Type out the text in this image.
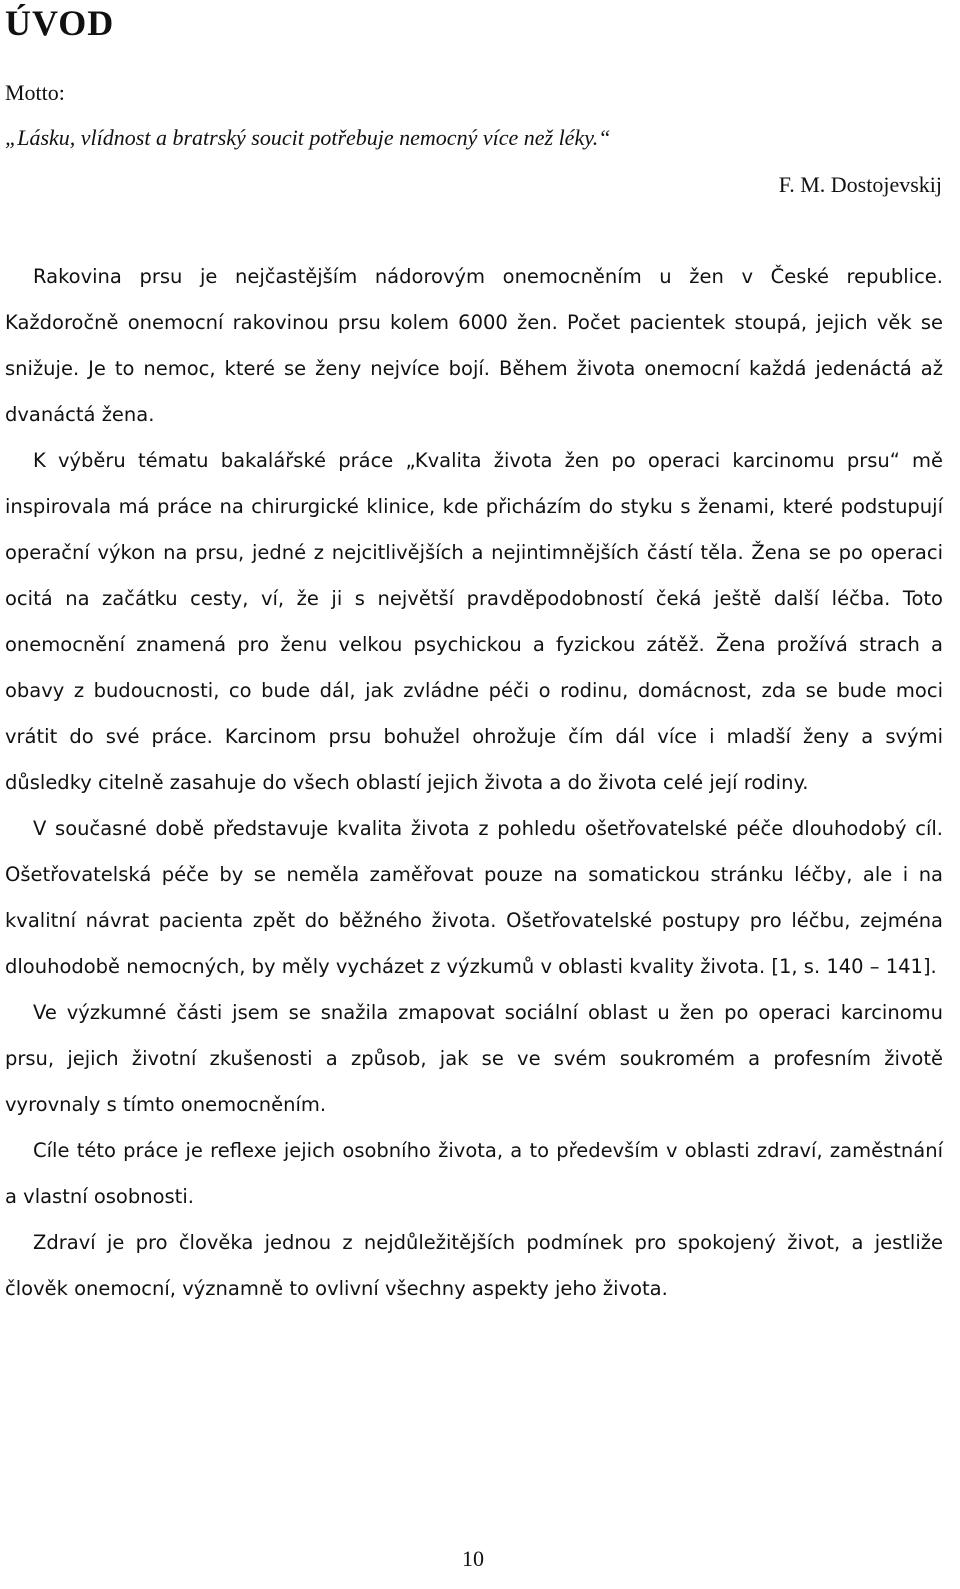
ÚVOD
Motto:
„Lásku, vlídnost a bratrský soucit potřebuje nemocný více než léky.“
F. M. Dostojevskij

Rakovina prsu je nejčastějším nádorovým onemocněním u žen v České republice. Každoročně onemocní rakovinou prsu kolem 6000 žen. Počet pacientek stoupá, jejich věk se snižuje. Je to nemoc, které se ženy nejvíce bojí. Během života onemocní každá jedenáctá až dvanáctá žena.

K výběru tématu bakalářské práce „Kvalita života žen po operaci karcinomu prsu“ mě inspirovala má práce na chirurgické klinice, kde přicházím do styku s ženami, které podstupují operační výkon na prsu, jedné z nejcitlivějších a nejintimnějších částí těla. Žena se po operaci ocitá na začátku cesty, ví, že ji s největší pravděpodobností čeká ještě další léčba. Toto onemocnění znamená pro ženu velkou psychickou a fyzickou zátěž. Žena prožívá strach a obavy z budoucnosti, co bude dál, jak zvládne péči o rodinu, domácnost, zda se bude moci vrátit do své práce. Karcinom prsu bohužel ohrožuje čím dál více i mladší ženy a svými důsledky citelně zasahuje do všech oblastí jejich života a do života celé její rodiny.

V současné době představuje kvalita života z pohledu ošetřovatelské péče dlouhodobý cíl. Ošetřovatelská péče by se neměla zaměřovat pouze na somatickou stránku léčby, ale i na kvalitní návrat pacienta zpět do běžného života. Ošetřovatelské postupy pro léčbu, zejména dlouhodobě nemocných, by měly vycházet z výzkumů v oblasti kvality života. [1, s. 140 – 141].

Ve výzkumné části jsem se snažila zmapovat sociální oblast u žen po operaci karcinomu prsu, jejich životní zkušenosti a způsob, jak se ve svém soukromém a profesním životě vyrovnaly s tímto onemocněním.

Cíle této práce je reflexe jejich osobního života, a to především v oblasti zdraví, zaměstnání a vlastní osobnosti.

Zdraví je pro člověka jednou z nejdůležitějších podmínek pro spokojený život, a jestliže člověk onemocní, významně to ovlivní všechny aspekty jeho života.

10
